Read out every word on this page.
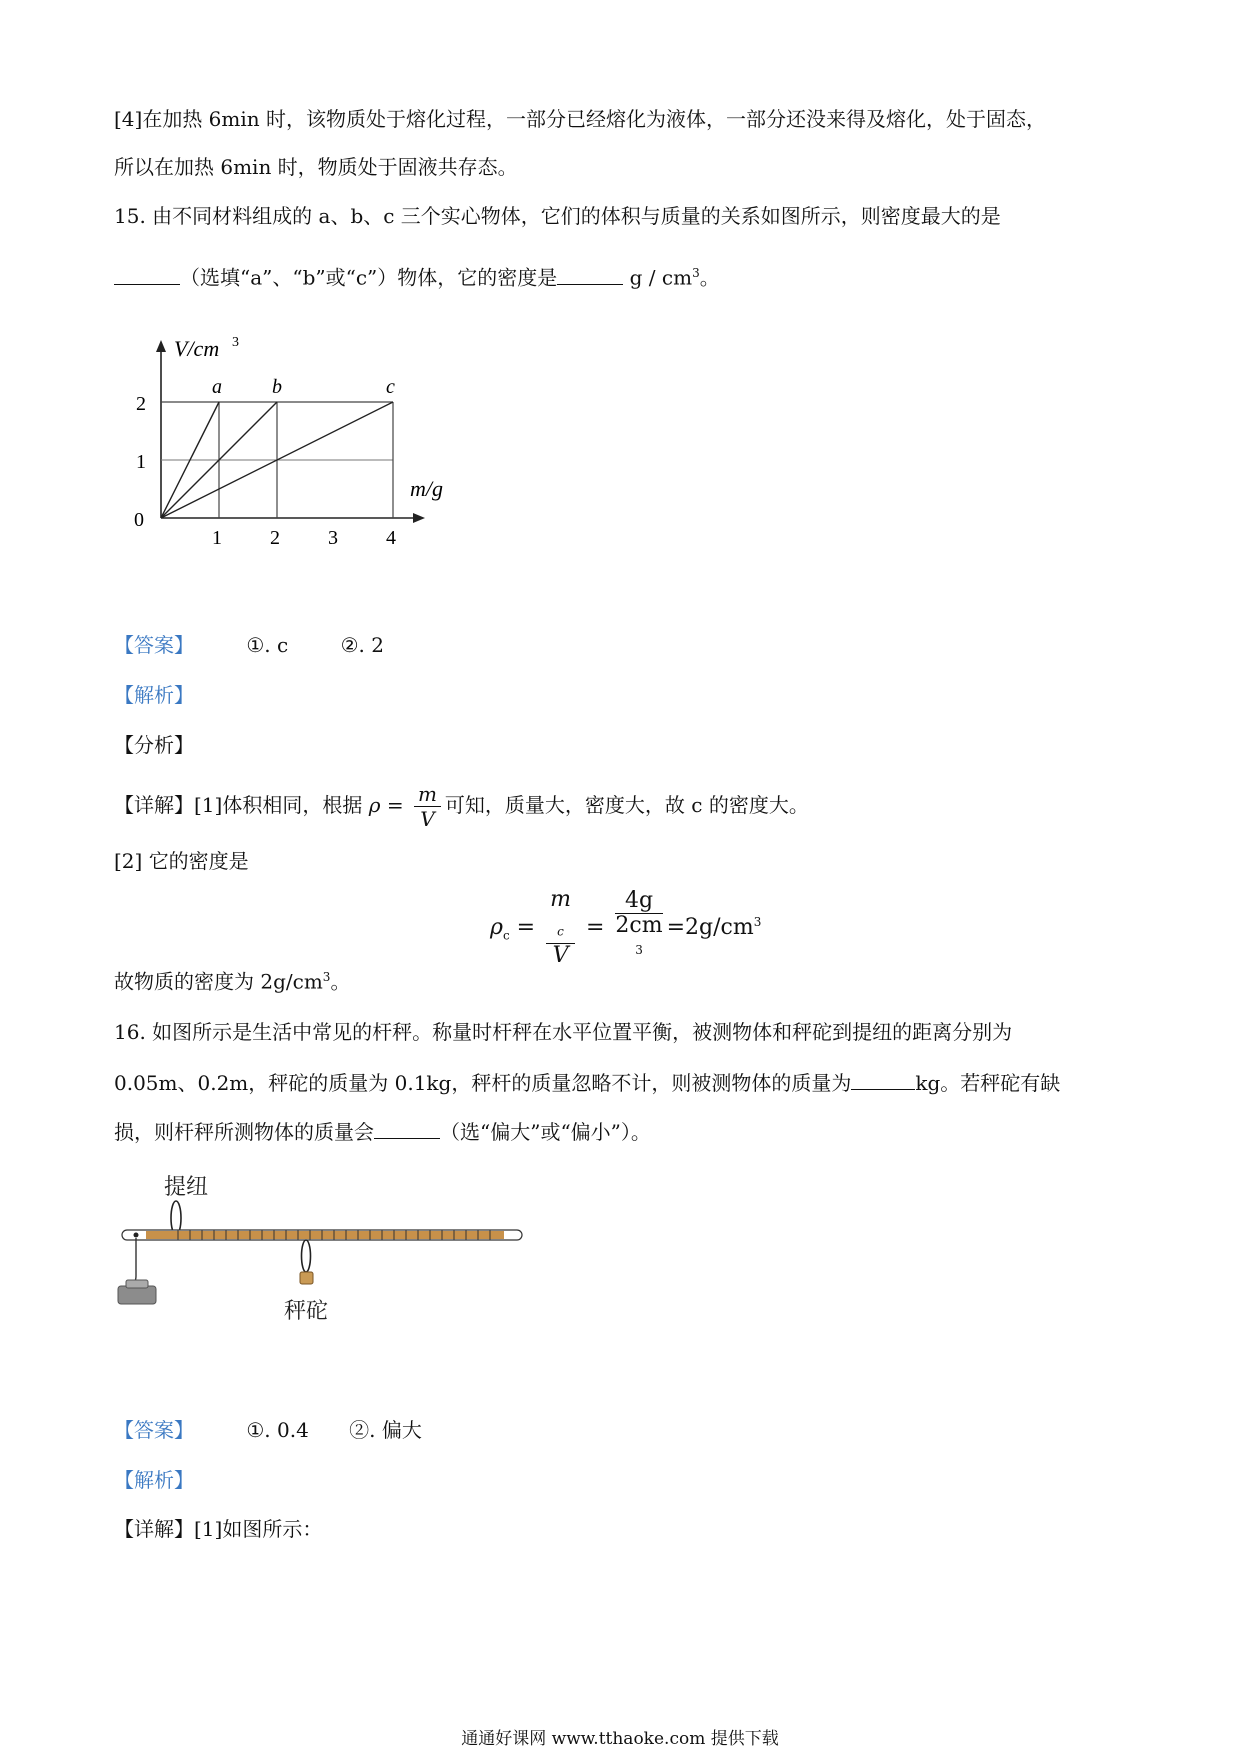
[4]在加热 6min 时，该物质处于熔化过程，一部分已经熔化为液体，一部分还没来得及熔化，处于固态，
所以在加热 6min 时，物质处于固液共存态。
15. 由不同材料组成的 a、b、c 三个实心物体，它们的体积与质量的关系如图所示，则密度最大的是
（选填“a”、“b”或“c”）物体，它的密度是	g / $cm^3$。
V/cm 3
m/g
2
1
0
1 2 3 4
a	b	c
【答案】	①. c	②. 2
【解析】
【分析】
【详解】[1]体积相同，根据 $\rho = \frac{m}{V}$ 可知，质量大，密度大，故 c 的密度大。
[2] 它的密度是
$\rho_c = m$
$_c$
V = 4g
2cm
$^3 =2g/cm^3$
故物质的密度为 $2g/cm^3$。
16. 如图所示是生活中常见的杆秤。称量时杆秤在水平位置平衡，被测物体和秤砣到提纽的距离分别为
0.05m、0.2m，秤砣的质量为 0.1kg，秤杆的质量忽略不计，则被测物体的质量为	kg。若秤砣有缺
损，则杆秤所测物体的质量会	（选“偏大”或“偏小”）。
提纽
秤砣
【答案】	①. 0.4 ②. 偏大
【解析】
【详解】[1]如图所示：
通通好课网 www.tthaoke.com 提供下载
